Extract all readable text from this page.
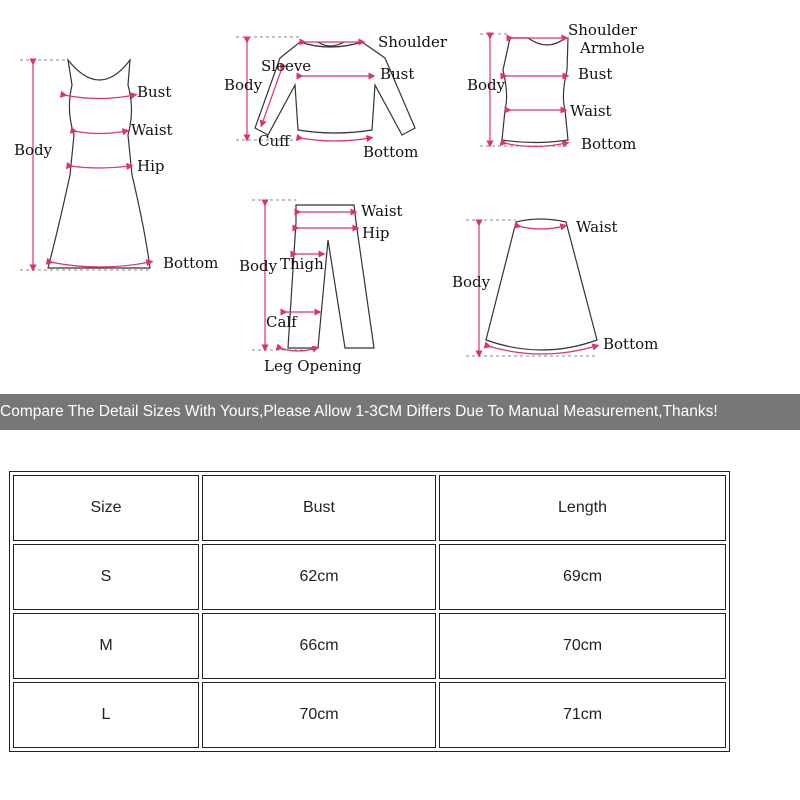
Bust
Waist
Body
Hip
Bottom
Shoulder
Sleeve	Bust
Body
Cuff
Bottom
Shoulder
Armhole
Bust
Body
Waist
Bottom
Waist
Hip
Body Thigh
Calf
Leg Opening
Waist
Body
Bottom
Compare The Detail Sizes With Yours,Please Allow 1-3CM Differs Due To Manual Measurement,Thanks!
Size	Bust	Length
S	62cm	69cm
M	66cm	70cm
L	70cm	71cm
